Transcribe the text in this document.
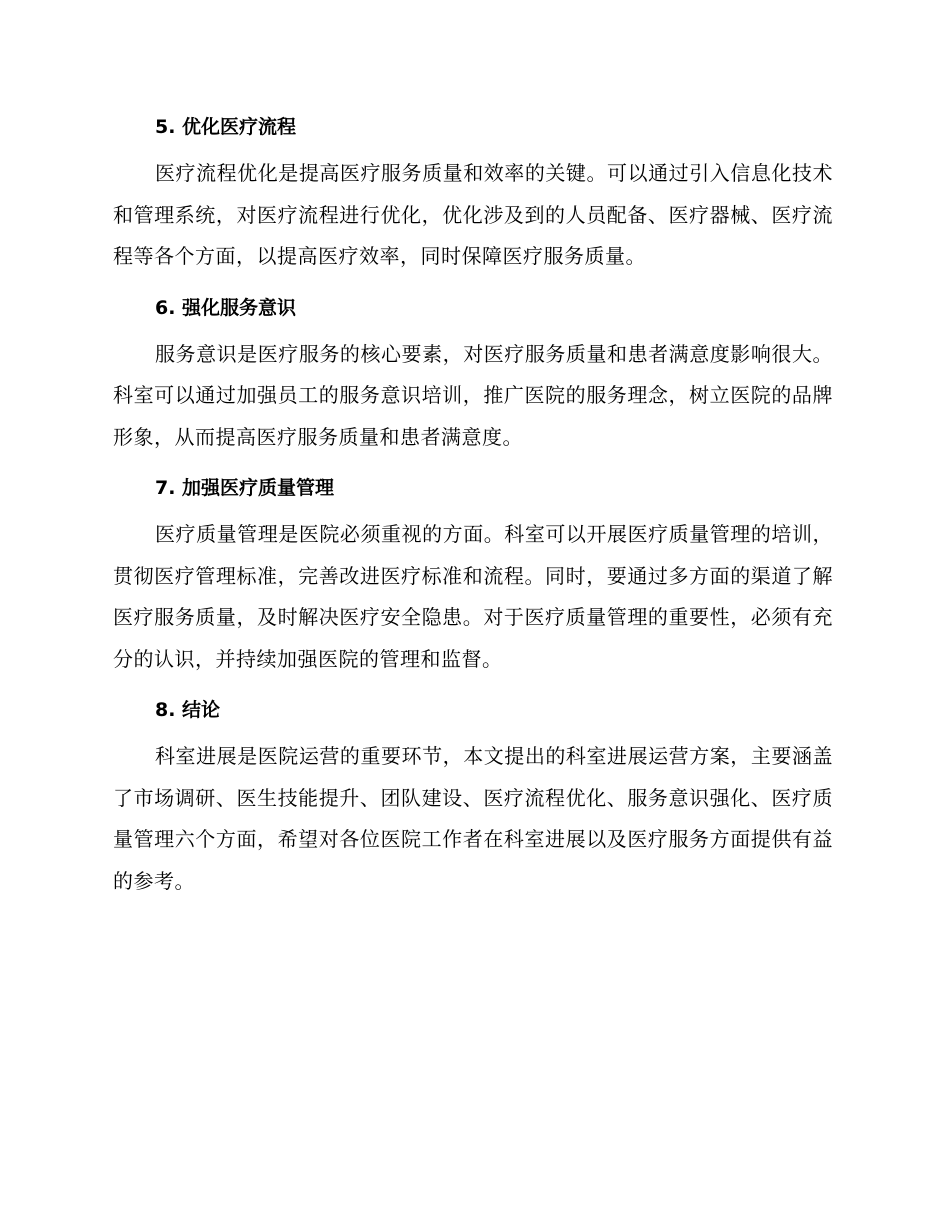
5. 优化医疗流程

医疗流程优化是提高医疗服务质量和效率的关键。可以通过引入信息化技术和管理系统，对医疗流程进行优化，优化涉及到的人员配备、医疗器械、医疗流程等各个方面，以提高医疗效率，同时保障医疗服务质量。

6. 强化服务意识

服务意识是医疗服务的核心要素，对医疗服务质量和患者满意度影响很大。科室可以通过加强员工的服务意识培训，推广医院的服务理念，树立医院的品牌形象，从而提高医疗服务质量和患者满意度。

7. 加强医疗质量管理

医疗质量管理是医院必须重视的方面。科室可以开展医疗质量管理的培训，贯彻医疗管理标准，完善改进医疗标准和流程。同时，要通过多方面的渠道了解医疗服务质量，及时解决医疗安全隐患。对于医疗质量管理的重要性，必须有充分的认识，并持续加强医院的管理和监督。

8. 结论

科室进展是医院运营的重要环节，本文提出的科室进展运营方案，主要涵盖了市场调研、医生技能提升、团队建设、医疗流程优化、服务意识强化、医疗质量管理六个方面，希望对各位医院工作者在科室进展以及医疗服务方面提供有益的参考。
